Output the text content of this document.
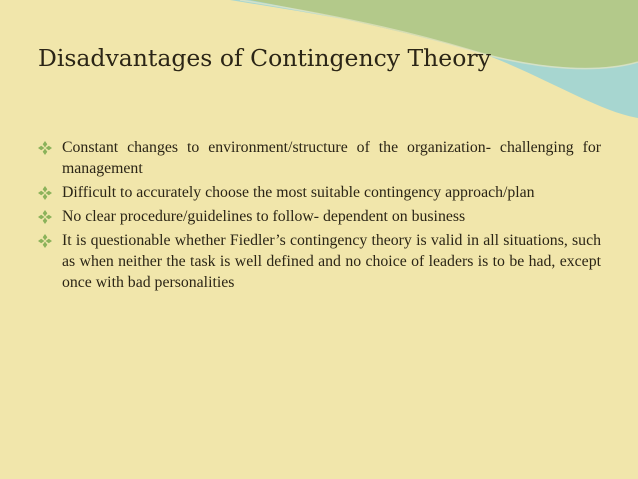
Disadvantages of Contingency Theory
Constant changes to environment/structure of the organization- challenging for management
Difficult to accurately choose the most suitable contingency approach/plan
No clear procedure/guidelines to follow- dependent on business
It is questionable whether Fiedler’s contingency theory is valid in all situations, such as when neither the task is well defined and no choice of leaders is to be had, except once with bad personalities
